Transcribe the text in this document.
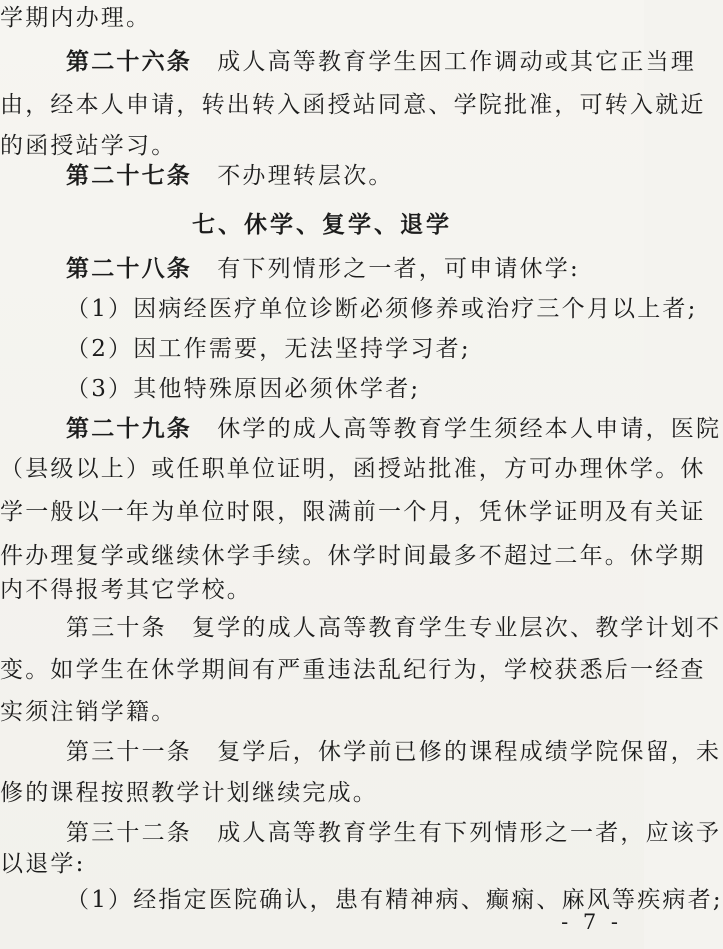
学期内办理。
第二十六条　 成人高等教育学生因工作调动或其它正当理
由，经本人申请，转出转入函授站同意、学院批准，可转入就近
的函授站学习。
第二十七条　 不办理转层次。
七、休学、复学、退学
第二十八条　 有下列情形之一者，可申请休学:
（1）因病经医疗单位诊断必须修养或治疗三个月以上者;
（2）因工作需要，无法坚持学习者;
（3）其他特殊原因必须休学者;
第二十九条　 休学的成人高等教育学生须经本人申请，医院
（县级以上）或任职单位证明，函授站批准，方可办理休学。休
学一般以一年为单位时限，限满前一个月，凭休学证明及有关证
件办理复学或继续休学手续。休学时间最多不超过二年。休学期
内不得报考其它学校。
第三十条　复学的成人高等教育学生专业层次、教学计划不
变。如学生在休学期间有严重违法乱纪行为，学校获悉后一经查
实须注销学籍。
第三十一条　复学后，休学前已修的课程成绩学院保留，未
修的课程按照教学计划继续完成。
第三十二条　成人高等教育学生有下列情形之一者，应该予
以退学:
（1）经指定医院确认，患有精神病、癫痫、麻风等疾病者;
- 7 -
